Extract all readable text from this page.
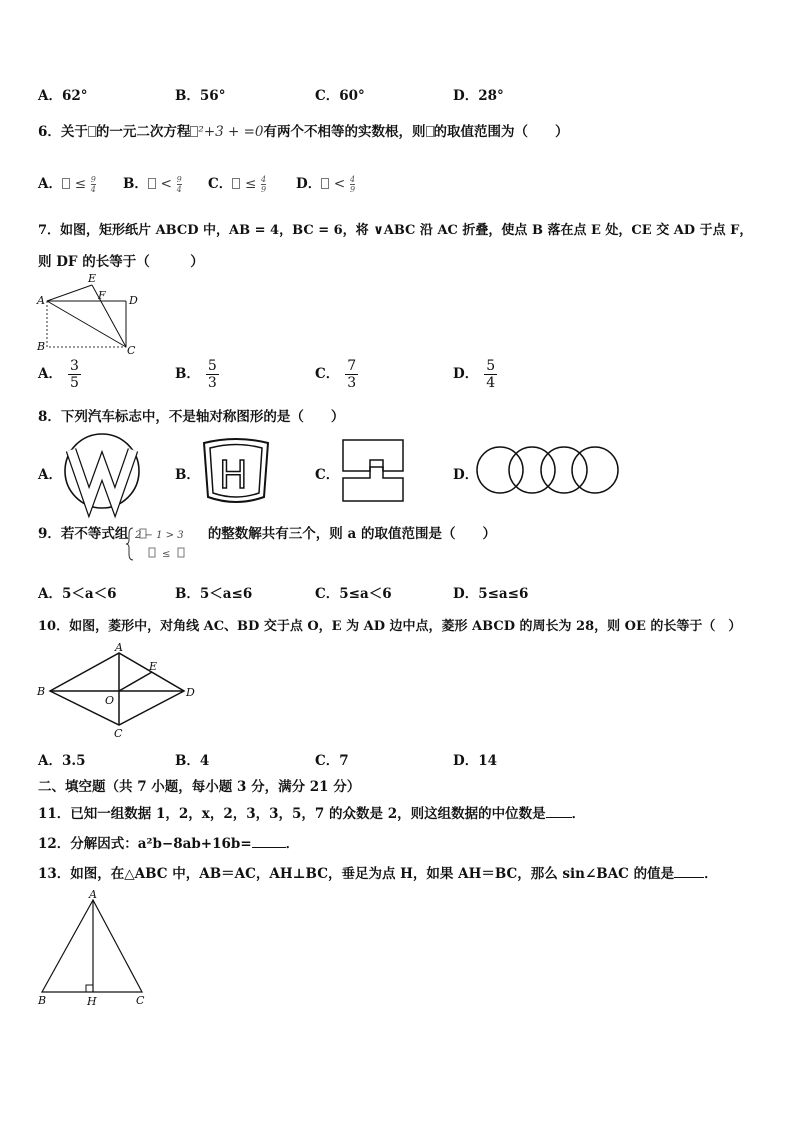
A．62°	B．56°	C．60°	D．28°
6．关于 的一元二次方程 ²+3 + =0有两个不相等的实数根，则 的取值范围为（　　）
A． ≤ $\frac{9}{4}$ B． < $\frac{9}{4}$ C． ≤ $\frac{4}{9}$ D． < $\frac{4}{9}$
7．如图，矩形纸片 ABCD 中，AB = 4，BC = 6，将 ∨ABC 沿 AC 折叠，使点 B 落在点 E 处，CE 交 AD 于点 F，
则 DF 的长等于（　　　）
A
B	C
D
E
F
A． $\frac{3}{5}$	B． $\frac{5}{3}$	C． $\frac{7}{3}$	D． $\frac{5}{4}$
8．下列汽车标志中，不是轴对称图形的是（　　）
A．	B． H	C．	D．
9．若不等式组	的整数解共有三个，则 a 的取值范围是（　　）
2 − 1 > 3
≤
A．5＜a＜6	B．5＜a≤6	C．5≤a＜6	D．5≤a≤6
10．如图，菱形中，对角线 AC、BD 交于点 O，E 为 AD 边中点，菱形 ABCD 的周长为 28，则 OE 的长等于（　）
A
B
C
D
E
O
A．3.5	B．4	C．7	D．14
二、填空题（共 7 小题，每小题 3 分，满分 21 分）
11．已知一组数据 1，2，x，2，3，3，5，7 的众数是 2，则这组数据的中位数是 ．
12．分解因式：a²b−8ab+16b=	．
13．如图，在△ABC 中，AB＝AC，AH⊥BC，垂足为点 H，如果 AH＝BC，那么 sin∠BAC 的值是 ．
A
B	C
H
